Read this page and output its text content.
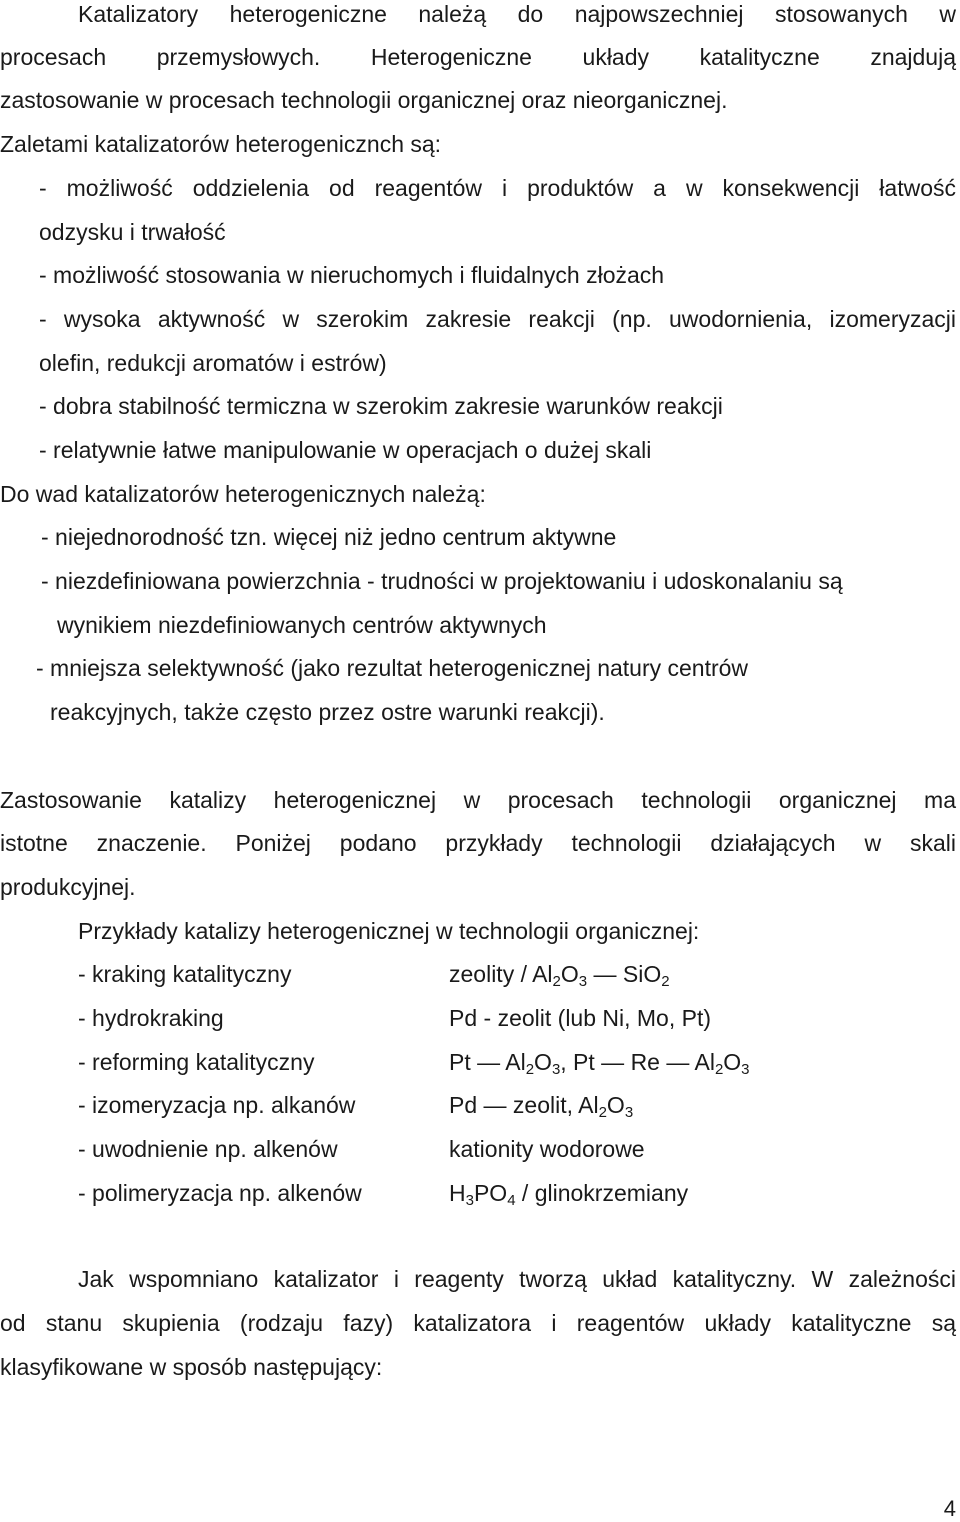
Katalizatory heterogeniczne należą do najpowszechniej stosowanych w
procesach przemysłowych. Heterogeniczne układy katalityczne znajdują
zastosowanie w procesach technologii organicznej oraz nieorganicznej.
Zaletami katalizatorów heterogenicznch są:
- możliwość oddzielenia od reagentów i produktów a w konsekwencji łatwość
odzysku i trwałość
- możliwość stosowania w nieruchomych i fluidalnych złożach
- wysoka aktywność w szerokim zakresie reakcji (np. uwodornienia, izomeryzacji
olefin, redukcji aromatów i estrów)
- dobra stabilność termiczna w szerokim zakresie warunków reakcji
- relatywnie łatwe manipulowanie w operacjach o dużej skali
Do wad katalizatorów heterogenicznych należą:
- niejednorodność tzn. więcej niż jedno centrum aktywne
- niezdefiniowana powierzchnia - trudności w projektowaniu i udoskonalaniu są
wynikiem niezdefiniowanych centrów aktywnych
- mniejsza selektywność (jako rezultat heterogenicznej natury centrów
reakcyjnych, także często przez ostre warunki reakcji).
Zastosowanie katalizy heterogenicznej w procesach technologii organicznej ma
istotne znaczenie. Poniżej podano przykłady technologii działających w skali
produkcyjnej.
Przykłady katalizy heterogenicznej w technologii organicznej:
- kraking katalityczny	zeolity / $Al_2O_3$ — SiO$_2$
- hydrokraking	Pd - zeolit (lub Ni, Mo, Pt)
- reforming katalityczny	Pt — $Al_2O_3$, Pt — Re — $Al_2O_3$
- izomeryzacja np. alkanów	Pd — zeolit, $Al_2O_3$
- uwodnienie np. alkenów	kationity wodorowe
- polimeryzacja np. alkenów	$H_3PO_4$ / glinokrzemiany
Jak wspomniano katalizator i reagenty tworzą układ katalityczny. W zależności
od stanu skupienia (rodzaju fazy) katalizatora i reagentów układy katalityczne są
klasyfikowane w sposób następujący:
4
